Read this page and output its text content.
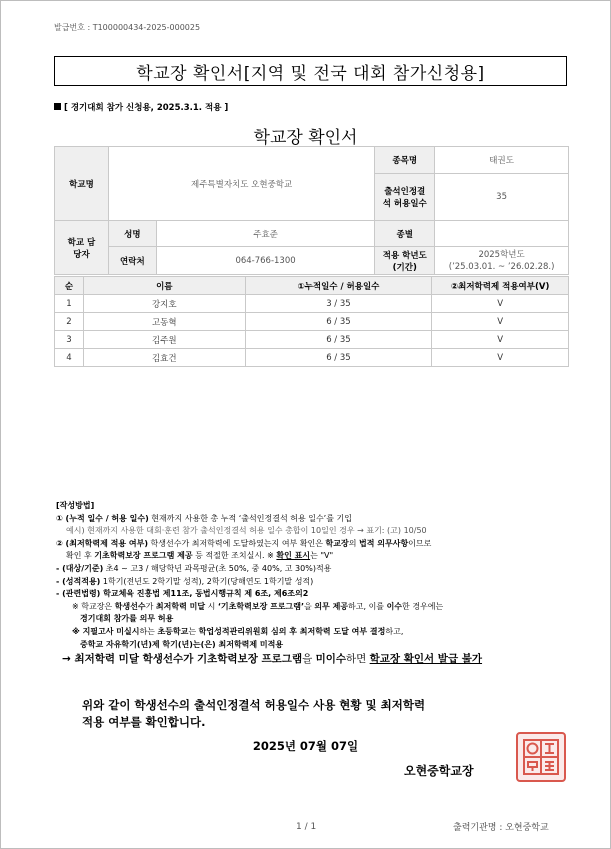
발급번호 : T100000434-2025-000025
학교장 확인서[지역 및 전국 대회 참가신청용]
[ 경기대회 참가 신청용, 2025.3.1. 적용 ]
학교장 확인서
학교명	제주특별자치도 오현중학교		종목명	태권도
			출석인정결석 허용일수	35
학교 담당자	성명	주효준	종별	
	연락처	064-766-1300	적용 학년도 (기간)	2025학년도
(’25.03.01. ~ ’26.02.28.)
순	이름	①누적일수 / 허용일수	②최저학력제 적용여부(V)
1	강지호	3 / 35	V
2	고동혁	6 / 35	V
3	김주원	6 / 35	V
4	김효건	6 / 35	V
[작성방법]
① (누적 일수 / 허용 일수) 현재까지 사용한 총 누적 ‘출석인정결석 허용 일수’를 기입
예시) 현재까지 사용한 대회·훈련 참가 출석인정결석 허용 일수 총합이 10일인 경우 → 표기: (고) 10/50
② (최저학력제 적용 여부) 학생선수가 최저학력에 도달하였는지 여부 확인은 학교장의 법적 의무사항이므로
확인 후 기초학력보장 프로그램 제공 등 적절한 조치실시. ※ 확인 표시는 "V"
- (대상/기준) 초4 ~ 고3 / 해당학년 과목평균(초 50%, 중 40%, 고 30%)적용
- (성적적용) 1학기(전년도 2학기말 성적), 2학기(당해연도 1학기말 성적)
- (관련법령) 학교체육 진흥법 제11조, 동법시행규칙 제 6조, 제6조의2
※ 학교장은 학생선수가 최저학력 미달 시 ‘기초학력보장 프로그램’을 의무 제공하고, 이를 이수한 경우에는
경기대회 참가를 의무 허용
※ 지필고사 미실시하는 초등학교는 학업성적관리위원회 심의 후 최저학력 도달 여부 결정하고,
중학교 자유학기(년)제 학기(년)는(은) 최저학력제 미적용
→ 최저학력 미달 학생선수가 기초학력보장 프로그램을 미이수하면 학교장 확인서 발급 불가
위와 같이 학생선수의 출석인정결석 허용일수 사용 현황 및 최저학력
적용 여부를 확인합니다.
2025년 07월 07일
오현중학교장
1 / 1	출력기관명 : 오현중학교
